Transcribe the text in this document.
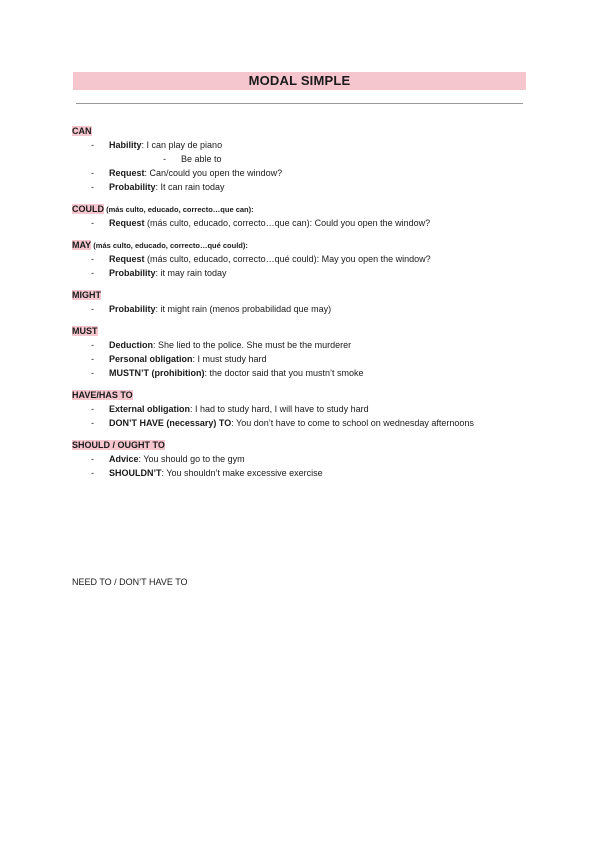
MODAL SIMPLE
CAN
- Hability: I can play de piano
- Be able to
- Request: Can/could you open the window?
- Probability: It can rain today
COULD (más culto, educado, correcto…que can):
- Request (más culto, educado, correcto…que can): Could you open the window?
MAY (más culto, educado, correcto…qué could):
- Request (más culto, educado, correcto…qué could): May you open the window?
- Probability: it may rain today
MIGHT
- Probability: it might rain (menos probabilidad que may)
MUST
- Deduction: She lied to the police. She must be the murderer
- Personal obligation: I must study hard
- MUSTN’T (prohibition): the doctor said that you mustn’t smoke
HAVE/HAS TO
- External obligation: I had to study hard, I will have to study hard
- DON’T HAVE (necessary) TO: You don’t have to come to school on wednesday afternoons
SHOULD / OUGHT TO
- Advice: You should go to the gym
- SHOULDN’T: You shouldn’t make excessive exercise
NEED TO / DON’T HAVE TO
